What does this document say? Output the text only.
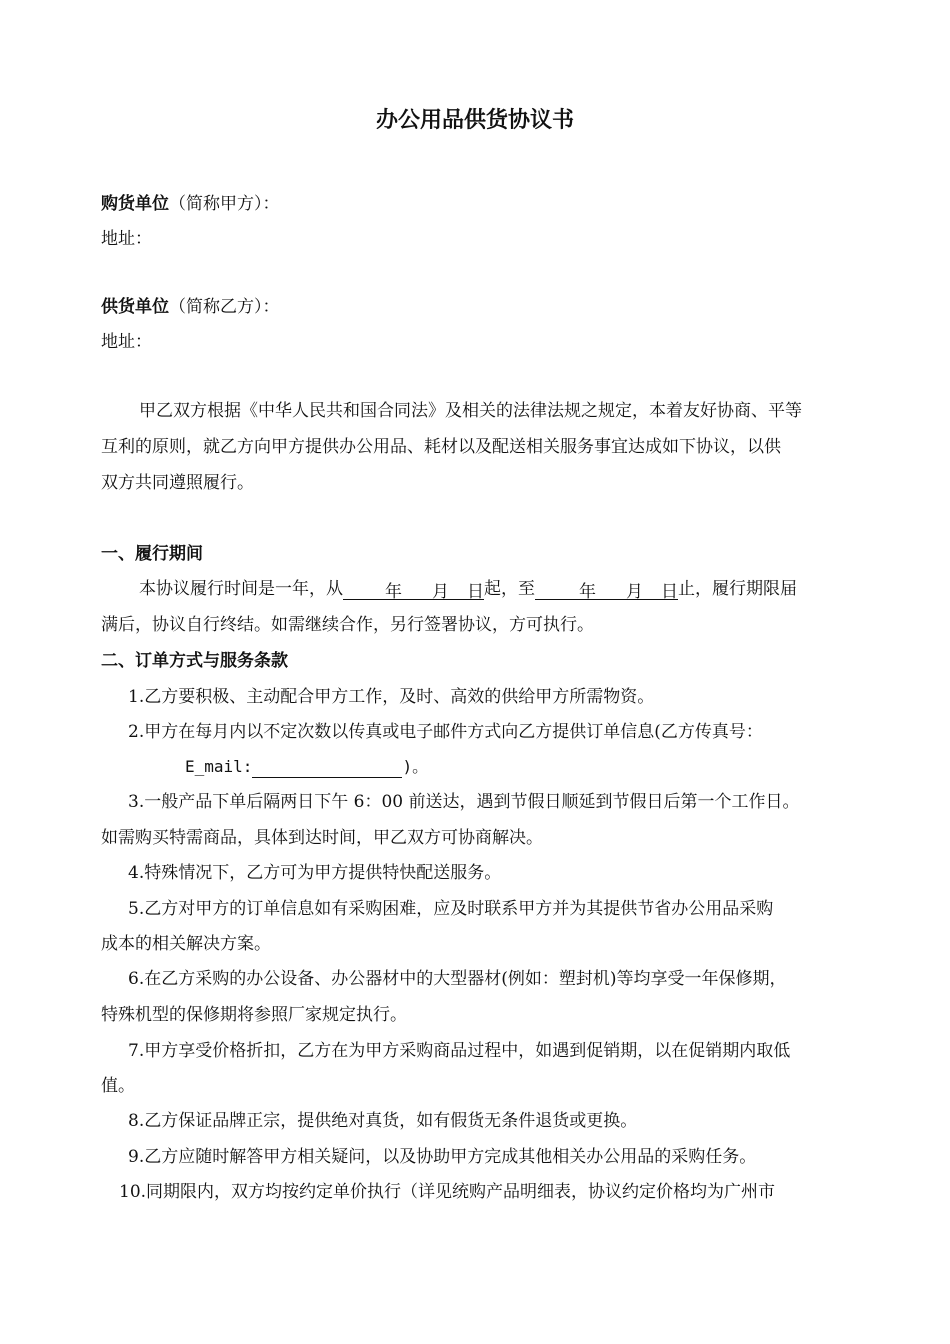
办公用品供货协议书
购货单位（简称甲方）：
地址：
供货单位（简称乙方）：
地址：
甲乙双方根据《中华人民共和国合同法》及相关的法律法规之规定，本着友好协商、平等
互利的原则，就乙方向甲方提供办公用品、耗材以及配送相关服务事宜达成如下协议，以供
双方共同遵照履行。
一、履行期间
本协议履行时间是一年，从 年 月 日起，至	年 月 日止，履行期限届
满后，协议自行终结。如需继续合作，另行签署协议，方可执行。
二、订单方式与服务条款
1.乙方要积极、主动配合甲方工作，及时、高效的供给甲方所需物资。
2.甲方在每月内以不定次数以传真或电子邮件方式向乙方提供订单信息(乙方传真号：
E_mail:	)。
3.一般产品下单后隔两日下午 6：00 前送达，遇到节假日顺延到节假日后第一个工作日。
如需购买特需商品，具体到达时间，甲乙双方可协商解决。
4.特殊情况下，乙方可为甲方提供特快配送服务。
5.乙方对甲方的订单信息如有采购困难，应及时联系甲方并为其提供节省办公用品采购
成本的相关解决方案。
6.在乙方采购的办公设备、办公器材中的大型器材(例如：塑封机)等均享受一年保修期，
特殊机型的保修期将参照厂家规定执行。
7.甲方享受价格折扣，乙方在为甲方采购商品过程中，如遇到促销期，以在促销期内取低
值。
8.乙方保证品牌正宗，提供绝对真货，如有假货无条件退货或更换。
9.乙方应随时解答甲方相关疑问，以及协助甲方完成其他相关办公用品的采购任务。
10.同期限内，双方均按约定单价执行（详见统购产品明细表，协议约定价格均为广州市
